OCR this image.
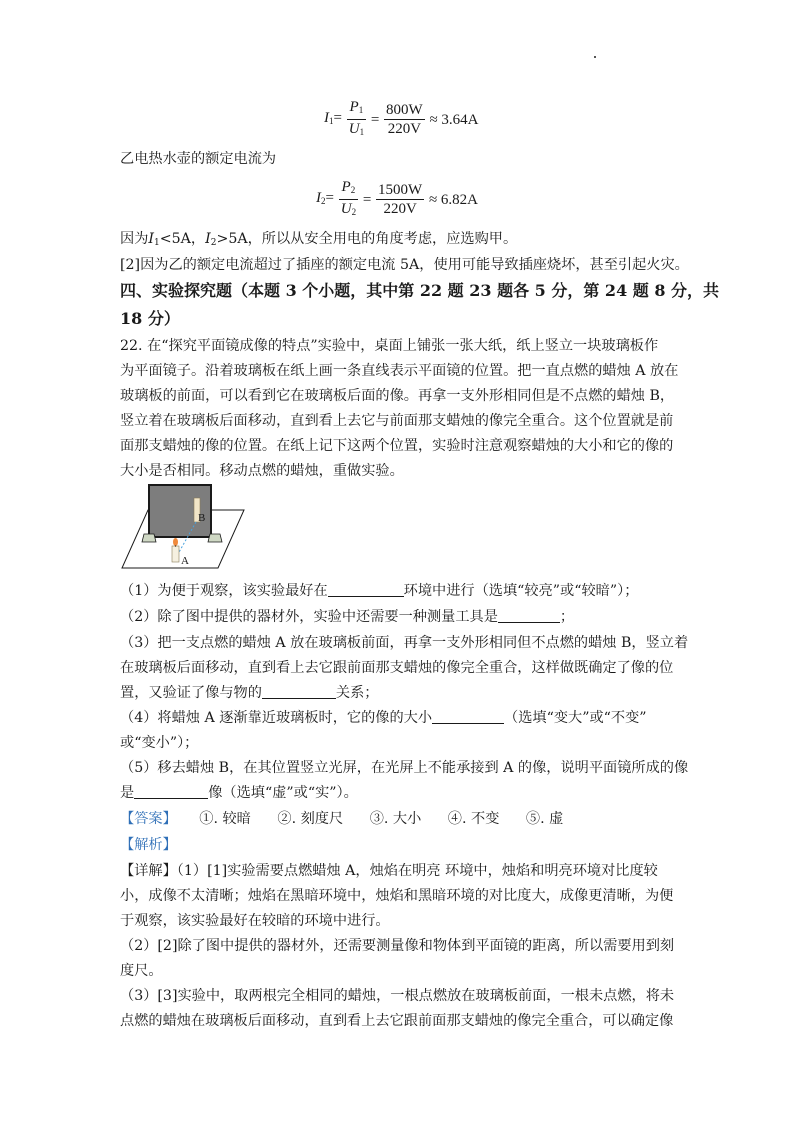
$I_1= \frac{P_1}{U_1} = \frac{800W}{220V} \approx 3.64A$
乙电热水壶的额定电流为
$I_2= \frac{P_2}{U_2} = \frac{1500W}{220V} \approx 6.82A$
因为$I_1<5A$，$I_2>5A$，所以从安全用电的角度考虑，应选购甲。
[2]因为乙的额定电流超过了插座的额定电流 5A，使用可能导致插座烧坏，甚至引起火灾。
四、实验探究题（本题 3 个小题，其中第 22 题 23 题各 5 分，第 24 题 8 分，共
18 分）
22. 在“探究平面镜成像的特点”实验中，桌面上铺张一张大纸，纸上竖立一块玻璃板作
为平面镜子。沿着玻璃板在纸上画一条直线表示平面镜的位置。把一直点燃的蜡烛 A 放在
玻璃板的前面，可以看到它在玻璃板后面的像。再拿一支外形相同但是不点燃的蜡烛 B，
竖立着在玻璃板后面移动，直到看上去它与前面那支蜡烛的像完全重合。这个位置就是前
面那支蜡烛的像的位置。在纸上记下这两个位置，实验时注意观察蜡烛的大小和它的像的
大小是否相同。移动点燃的蜡烛，重做实验。
B
A
（1）为便于观察，该实验最好在	环境中进行（选填“较亮”或“较暗”）；
（2）除了图中提供的器材外，实验中还需要一种测量工具是	；
（3）把一支点燃的蜡烛 A 放在玻璃板前面，再拿一支外形相同但不点燃的蜡烛 B，竖立着
在玻璃板后面移动，直到看上去它跟前面那支蜡烛的像完全重合，这样做既确定了像的位
置，又验证了像与物的	关系；
（4）将蜡烛 A 逐渐靠近玻璃板时，它的像的大小	（选填“变大”或“不变”
或“变小”）；
（5）移去蜡烛 B，在其位置竖立光屏，在光屏上不能承接到 A 的像，说明平面镜所成的像
是	像（选填“虚”或“实”）。
【答案】 ①. 较暗 ②. 刻度尺 ③. 大小 ④. 不变 ⑤. 虚
【解析】
【详解】（1）[1]实验需要点燃蜡烛 A，烛焰在明亮 环境中，烛焰和明亮环境对比度较
小，成像不太清晰；烛焰在黑暗环境中，烛焰和黑暗环境的对比度大，成像更清晰，为便
于观察，该实验最好在较暗的环境中进行。
（2）[2]除了图中提供的器材外，还需要测量像和物体到平面镜的距离，所以需要用到刻
度尺。
（3）[3]实验中，取两根完全相同的蜡烛，一根点燃放在玻璃板前面，一根未点燃，将未
点燃的蜡烛在玻璃板后面移动，直到看上去它跟前面那支蜡烛的像完全重合，可以确定像
